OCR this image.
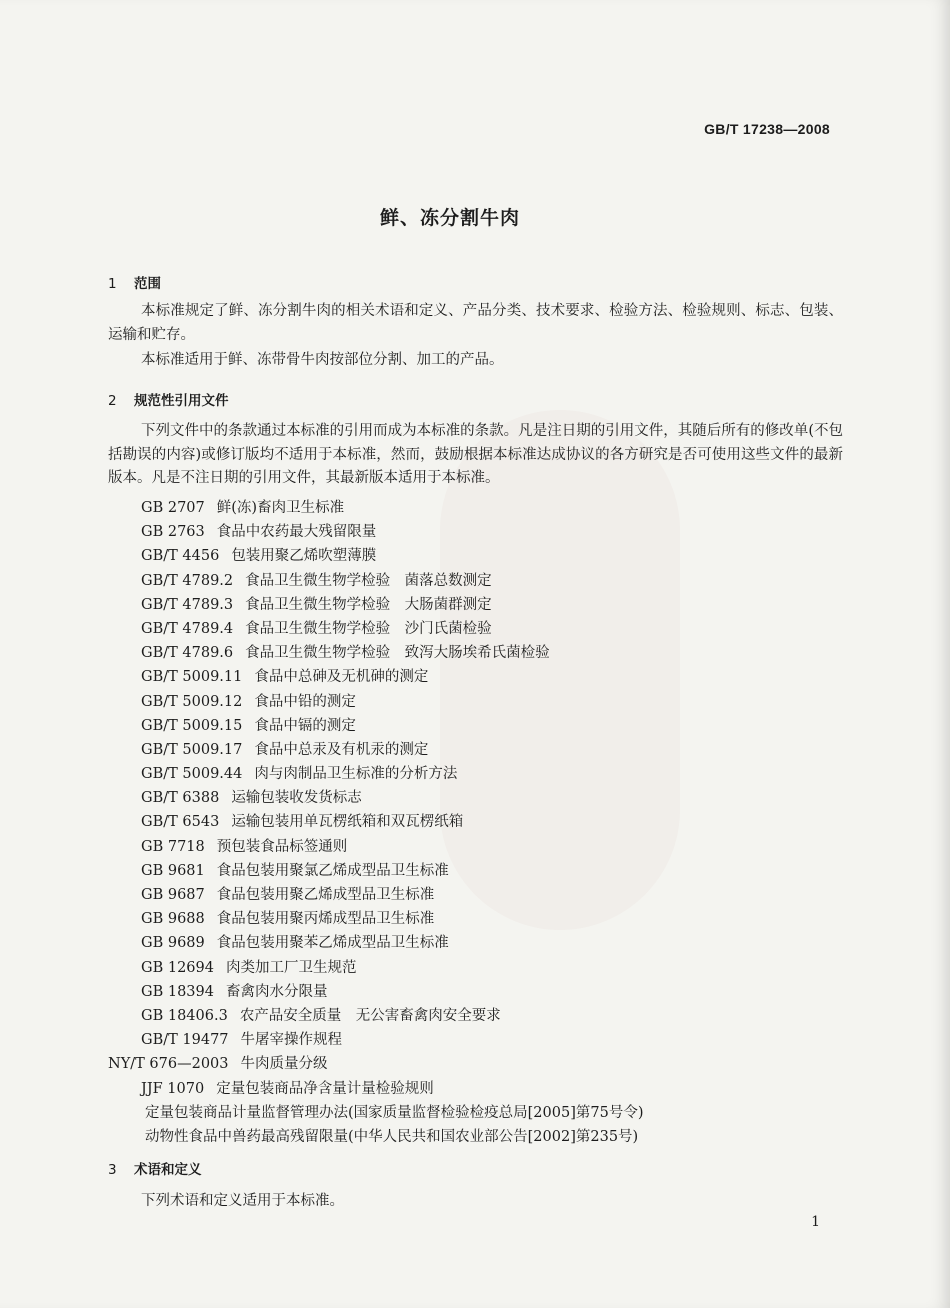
GB/T 17238—2008
鲜、冻分割牛肉
1 范围
本标准规定了鲜、冻分割牛肉的相关术语和定义、产品分类、技术要求、检验方法、检验规则、标志、包装、运输和贮存。
本标准适用于鲜、冻带骨牛肉按部位分割、加工的产品。
2 规范性引用文件
下列文件中的条款通过本标准的引用而成为本标准的条款。凡是注日期的引用文件，其随后所有的修改单(不包括勘误的内容)或修订版均不适用于本标准，然而，鼓励根据本标准达成协议的各方研究是否可使用这些文件的最新版本。凡是不注日期的引用文件，其最新版本适用于本标准。
GB 2707 鲜(冻)畜肉卫生标准
GB 2763 食品中农药最大残留限量
GB/T 4456 包装用聚乙烯吹塑薄膜
GB/T 4789.2 食品卫生微生物学检验　菌落总数测定
GB/T 4789.3 食品卫生微生物学检验　大肠菌群测定
GB/T 4789.4 食品卫生微生物学检验　沙门氏菌检验
GB/T 4789.6 食品卫生微生物学检验　致泻大肠埃希氏菌检验
GB/T 5009.11 食品中总砷及无机砷的测定
GB/T 5009.12 食品中铅的测定
GB/T 5009.15 食品中镉的测定
GB/T 5009.17 食品中总汞及有机汞的测定
GB/T 5009.44 肉与肉制品卫生标准的分析方法
GB/T 6388 运输包装收发货标志
GB/T 6543 运输包装用单瓦楞纸箱和双瓦楞纸箱
GB 7718 预包装食品标签通则
GB 9681 食品包装用聚氯乙烯成型品卫生标准
GB 9687 食品包装用聚乙烯成型品卫生标准
GB 9688 食品包装用聚丙烯成型品卫生标准
GB 9689 食品包装用聚苯乙烯成型品卫生标准
GB 12694 肉类加工厂卫生规范
GB 18394 畜禽肉水分限量
GB 18406.3 农产品安全质量　无公害畜禽肉安全要求
GB/T 19477 牛屠宰操作规程
NY/T 676—2003 牛肉质量分级
JJF 1070 定量包装商品净含量计量检验规则
定量包装商品计量监督管理办法(国家质量监督检验检疫总局[2005]第75号令)
动物性食品中兽药最高残留限量(中华人民共和国农业部公告[2002]第235号)
3 术语和定义
下列术语和定义适用于本标准。
1
